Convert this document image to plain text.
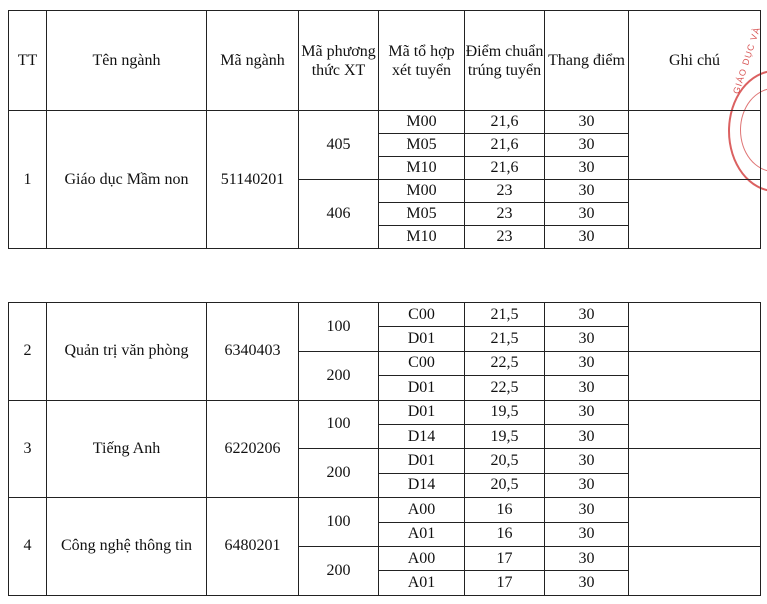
GIÁO DỤC VÀ
TT	Tên ngành	Mã ngành	Mã phương thức XT	Mã tổ hợp xét tuyển	Điểm chuẩn trúng tuyển	Thang điểm	Ghi chú
1	Giáo dục Mầm non	51140201	405	M00	21,6	30	
				M05	21,6	30	
				M10	21,6	30	
			406	M00	23	30	
				M05	23	30	
				M10	23	30	
2	Quản trị văn phòng	6340403	100	C00	21,5	30	
				D01	21,5	30	
			200	C00	22,5	30	
				D01	22,5	30	
3	Tiếng Anh	6220206	100	D01	19,5	30	
				D14	19,5	30	
			200	D01	20,5	30	
				D14	20,5	30	
4	Công nghệ thông tin	6480201	100	A00	16	30	
				A01	16	30	
			200	A00	17	30	
				A01	17	30	
